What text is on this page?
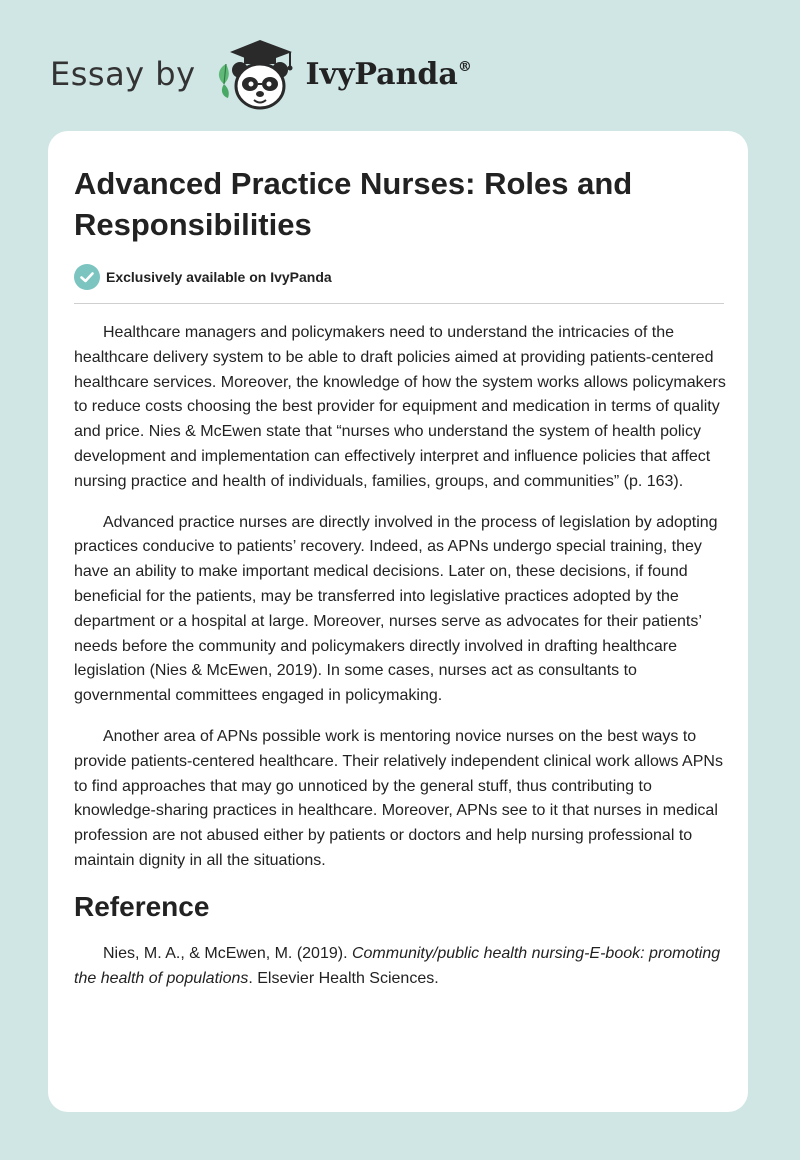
Essay by	IvyPanda®
Advanced Practice Nurses: Roles and Responsibilities
Exclusively available on IvyPanda

Healthcare managers and policymakers need to understand the intricacies of the healthcare delivery system to be able to draft policies aimed at providing patients-centered healthcare services. Moreover, the knowledge of how the system works allows policymakers to reduce costs choosing the best provider for equipment and medication in terms of quality and price. Nies & McEwen state that “nurses who understand the system of health policy development and implementation can effectively interpret and influence policies that affect nursing practice and health of individuals, families, groups, and communities” (p. 163).

Advanced practice nurses are directly involved in the process of legislation by adopting practices conducive to patients’ recovery. Indeed, as APNs undergo special training, they have an ability to make important medical decisions. Later on, these decisions, if found beneficial for the patients, may be transferred into legislative practices adopted by the department or a hospital at large. Moreover, nurses serve as advocates for their patients’ needs before the community and policymakers directly involved in drafting healthcare legislation (Nies & McEwen, 2019). In some cases, nurses act as consultants to governmental committees engaged in policymaking.

Another area of APNs possible work is mentoring novice nurses on the best ways to provide patients-centered healthcare. Their relatively independent clinical work allows APNs to find approaches that may go unnoticed by the general stuff, thus contributing to knowledge-sharing practices in healthcare. Moreover, APNs see to it that nurses in medical profession are not abused either by patients or doctors and help nursing professional to maintain dignity in all the situations.

Reference

Nies, M. A., & McEwen, M. (2019). Community/public health nursing-E-book: promoting the health of populations. Elsevier Health Sciences.
